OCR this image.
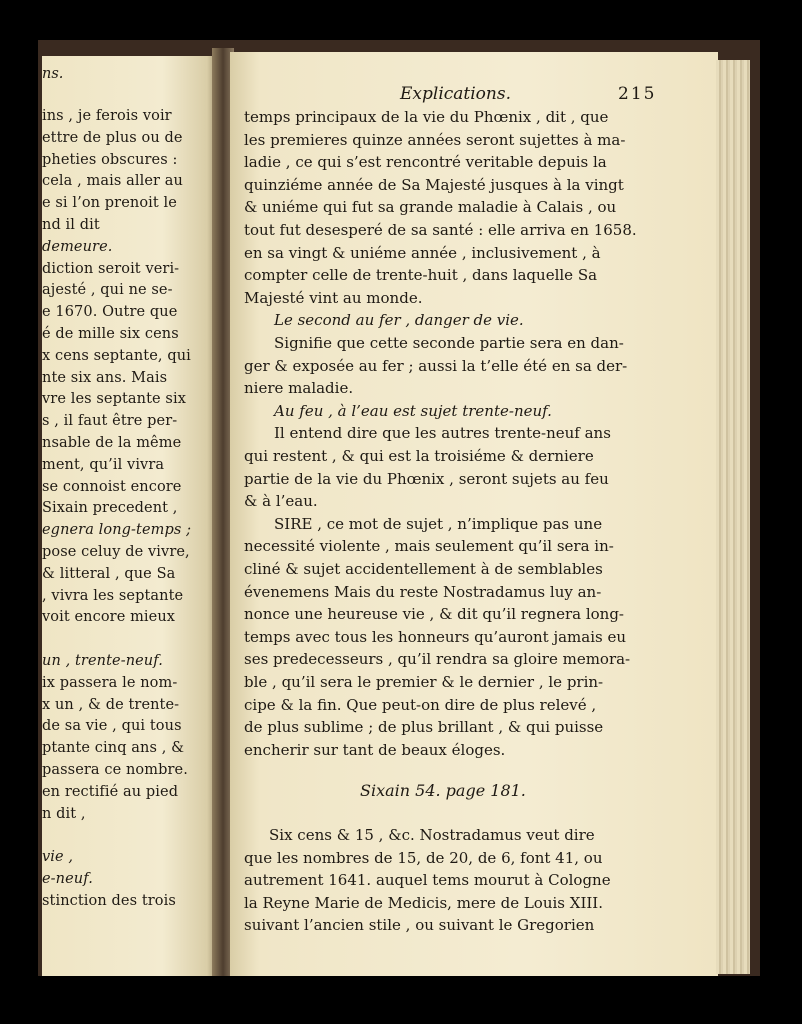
ns.
ins , je ferois voir
ettre de plus ou de
pheties obscures :
cela , mais aller au
e si l’on prenoit le
nd il dit
demeure.
diction seroit veri-
ajesté , qui ne se-
e 1670. Outre que
é de mille six cens
x cens septante, qui
nte six ans. Mais
vre les septante six
s , il faut être per-
nsable de la même
ment, qu’il vivra
se connoist encore
Sixain precedent ,
egnera long-temps ;
pose celuy de vivre,
& litteral , que Sa
, vivra les septante
voit encore mieux
un , trente-neuf.
ix passera le nom-
x un , & de trente-
de sa vie , qui tous
ptante cinq ans , &
passera ce nombre.
en rectifié au pied
n dit ,
vie ,
e-neuf.
stinction des trois
Explications.	215
temps principaux de la vie du Phœnix , dit , que
les premieres quinze années seront sujettes à ma-
ladie , ce qui s’est rencontré veritable depuis la
quinziéme année de Sa Majesté jusques à la vingt
& uniéme qui fut sa grande maladie à Calais , ou
tout fut desesperé de sa santé : elle arriva en 1658.
en sa vingt & uniéme année , inclusivement , à
compter celle de trente-huit , dans laquelle Sa
Majesté vint au monde.
Le second au fer , danger de vie.
Signifie que cette seconde partie sera en dan-
ger & exposée au fer ; aussi la t’elle été en sa der-
niere maladie.
Au feu , à l’eau est sujet trente-neuf.
Il entend dire que les autres trente-neuf ans
qui restent , & qui est la troisiéme & derniere
partie de la vie du Phœnix , seront sujets au feu
& à l’eau.
SIRE , ce mot de sujet , n’implique pas une
necessité violente , mais seulement qu’il sera in-
cliné & sujet accidentellement à de semblables
évenemens Mais du reste Nostradamus luy an-
nonce une heureuse vie , & dit qu’il regnera long-
temps avec tous les honneurs qu’auront jamais eu
ses predecesseurs , qu’il rendra sa gloire memora-
ble , qu’il sera le premier & le dernier , le prin-
cipe & la fin. Que peut-on dire de plus relevé ,
de plus sublime ; de plus brillant , & qui puisse
encherir sur tant de beaux éloges.
Sixain 54. page 181.
Six cens & 15 , &c. Nostradamus veut dire
que les nombres de 15, de 20, de 6, font 41, ou
autrement 1641. auquel tems mourut à Cologne
la Reyne Marie de Medicis, mere de Louis XIII.
suivant l’ancien stile , ou suivant le Gregorien
